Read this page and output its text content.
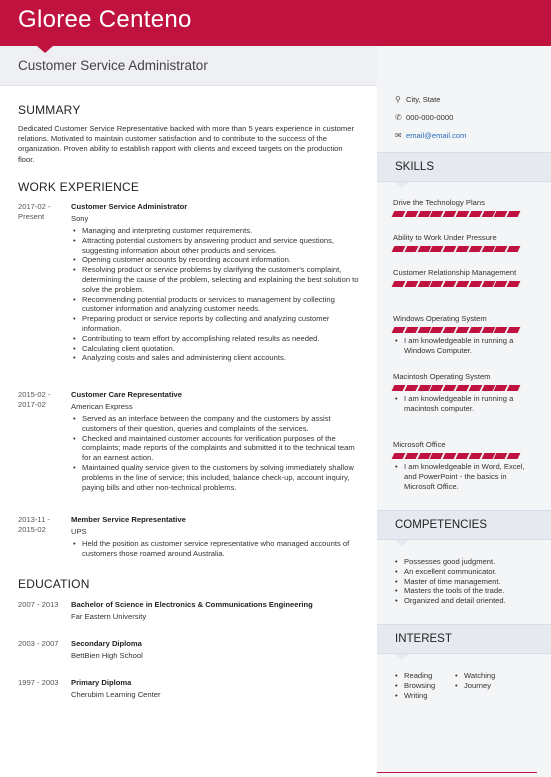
Gloree Centeno
Customer Service Administrator
⚲ City, State
✆ 000-000-0000
✉ email@email.com
SUMMARY
Dedicated Customer Service Representative backed with more than 5 years experience in customer relations. Motivated to maintain customer satisfaction and to contribute to the success of the organization. Proven ability to establish rapport with clients and exceed targets on the production floor.
WORK EXPERIENCE
2017-02 - Present
Customer Service Administrator
Sony
• Managing and interpreting customer requirements.
• Attracting potential customers by answering product and service questions, suggesting information about other products and services.
• Opening customer accounts by recording account information.
• Resolving product or service problems by clarifying the customer's complaint, determining the cause of the problem, selecting and explaining the best solution to solve the problem.
• Recommending potential products or services to management by collecting customer information and analyzing customer needs.
• Preparing product or service reports by collecting and analyzing customer information.
• Contributing to team effort by accomplishing related results as needed.
• Calculating client quotation.
• Analyzing costs and sales and administering client accounts.
2015-02 - 2017-02
Customer Care Representative
American Express
• Served as an interface between the company and the customers by assist customers of their question, queries and complaints of the services.
• Checked and maintained customer accounts for verification purposes of the complaints; made reports of the complaints and submitted it to the technical team for an earnest action.
• Maintained quality service given to the customers by solving immediately shallow problems in the line of service; this included, balance check-up, account inquiry, paying bills and other non-technical problems.
2013-11 - 2015-02
Member Service Representative
UPS
• Held the position as customer service representative who managed accounts of customers those roamed around Australia.
EDUCATION
2007 - 2013	Bachelor of Science in Electronics & Communications Engineering
Far Eastern University
2003 - 2007	Secondary Diploma
BettBien High School
1997 - 2003	Primary Diploma
Cherubim Learning Center
SKILLS
Drive the Technology Plans
Ability to Work Under Pressure
Customer Relationship Management
Windows Operating System
• I am knowledgeable in running a Windows Computer.
Macintosh Operating System
• I am knowledgeable in running a macintosh computer.
Microsoft Office
• I am knowledgeable in Word, Excel, and PowerPoint - the basics in Microsoft Office.
COMPETENCIES
• Possesses good judgment.
• An excellent communicator.
• Master of time management.
• Masters the tools of the trade.
• Organized and detail oriented.
INTEREST
• Reading
• Browsing
• Writing
• Watching
• Journey
